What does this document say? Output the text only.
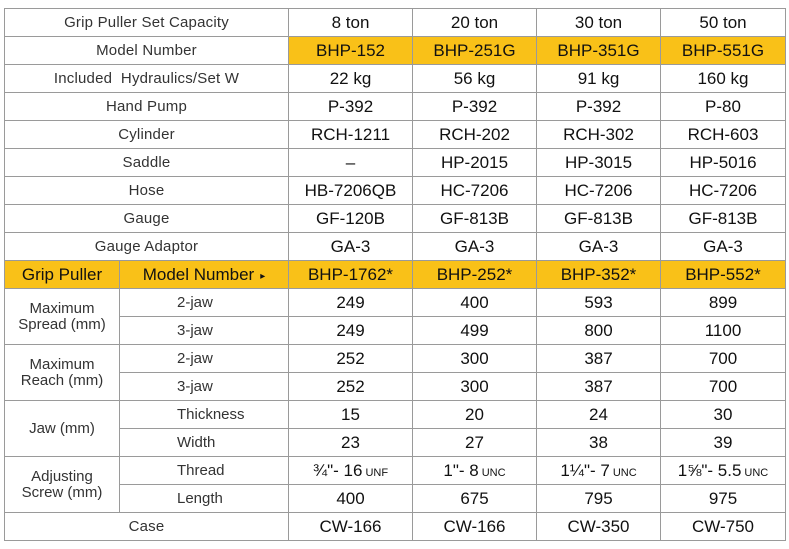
Grip Puller Set Capacity		8 ton	20 ton	30 ton	50 ton
Model Number		BHP-152	BHP-251G	BHP-351G	BHP-551G
Included  Hydraulics/Set W		22 kg	56 kg	91 kg	160 kg
Hand Pump		P-392	P-392	P-392	P-80
Cylinder		RCH-1211	RCH-202	RCH-302	RCH-603
Saddle		–	HP-2015	HP-3015	HP-5016
Hose		HB-7206QB	HC-7206	HC-7206	HC-7206
Gauge		GF-120B	GF-813B	GF-813B	GF-813B
Gauge Adaptor		GA-3	GA-3	GA-3	GA-3
Grip Puller	Model Number ▸	BHP-1762*	BHP-252*	BHP-352*	BHP-552*
Maximum
Spread (mm)	2-jaw	249	400	593	899
	3-jaw	249	499	800	1100
Maximum
Reach (mm)	2-jaw	252	300	387	700
	3-jaw	252	300	387	700
Jaw (mm)	Thickness	15	20	24	30
	Width	23	27	38	39
Adjusting
Screw (mm)	Thread	¾"- 16 UNF	1"- 8 UNC	1¼"- 7 UNC	1⅝"- 5.5 UNC
	Length	400	675	795	975
Case		CW-166	CW-166	CW-350	CW-750
